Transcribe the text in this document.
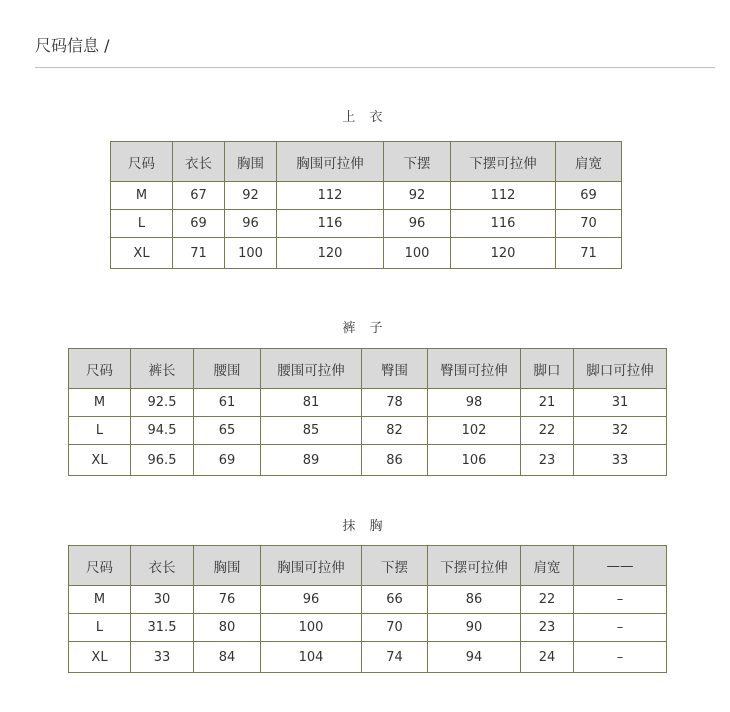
尺码信息 /
上 衣
尺码	衣长	胸围	胸围可拉伸	下摆	下摆可拉伸	肩宽
M	67	92	112	92	112	69
L	69	96	116	96	116	70
XL	71	100	120	100	120	71
裤 子
尺码	裤长	腰围	腰围可拉伸	臀围	臀围可拉伸	脚口	脚口可拉伸
M	92.5	61	81	78	98	21	31
L	94.5	65	85	82	102	22	32
XL	96.5	69	89	86	106	23	33
抹 胸
尺码	衣长	胸围	胸围可拉伸	下摆	下摆可拉伸	肩宽	——
M	30	76	96	66	86	22	–
L	31.5	80	100	70	90	23	–
XL	33	84	104	74	94	24	–
